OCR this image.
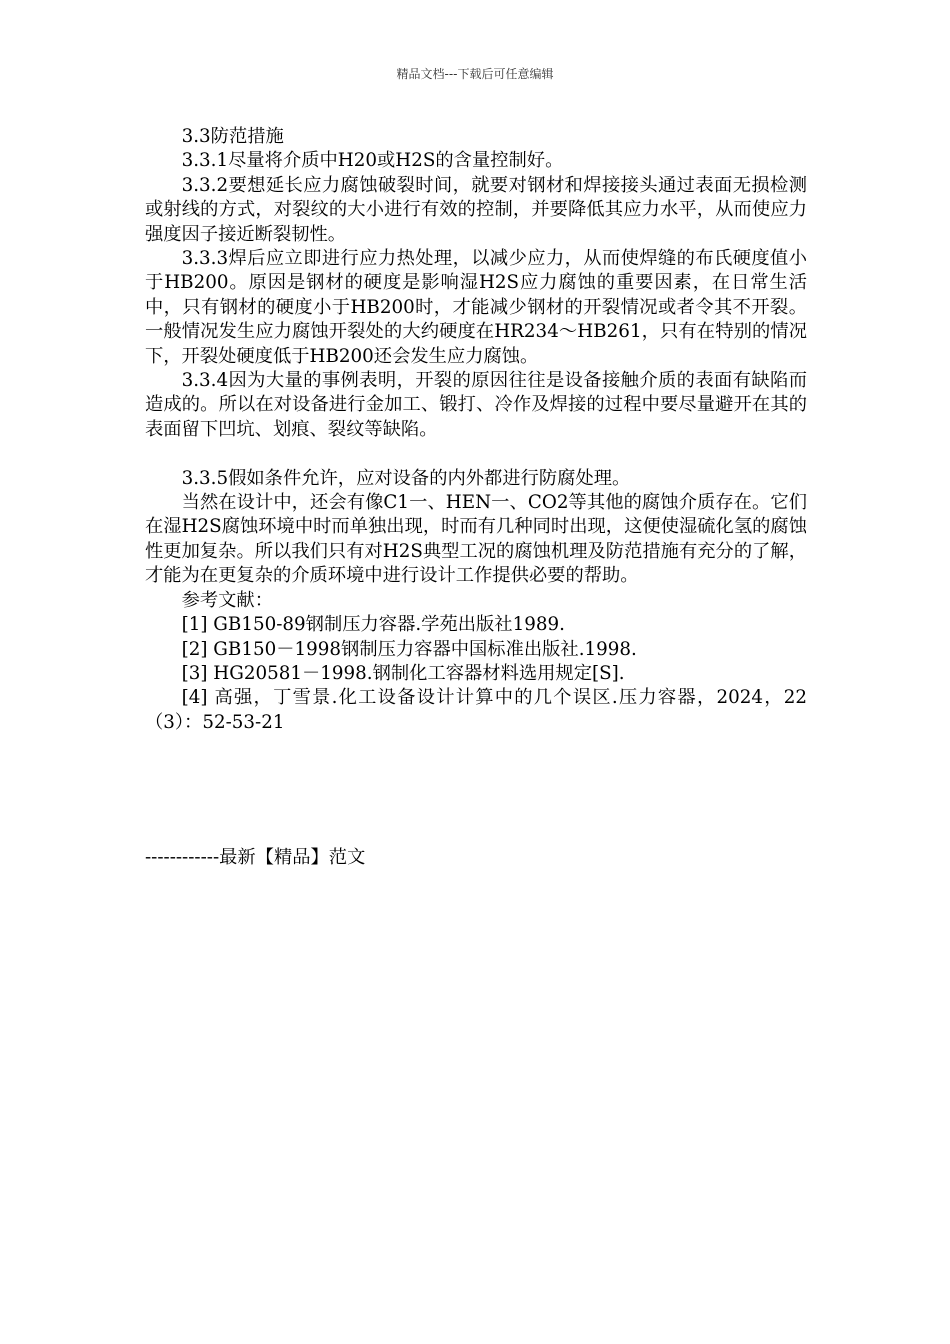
精品文档---下载后可任意编辑

3.3防范措施

3.3.1尽量将介质中H20或H2S的含量控制好。

3.3.2要想延长应力腐蚀破裂时间，就要对钢材和焊接接头通过表面无损检测或射线的方式，对裂纹的大小进行有效的控制，并要降低其应力水平，从而使应力强度因子接近断裂韧性。

3.3.3焊后应立即进行应力热处理，以减少应力，从而使焊缝的布氏硬度值小于HB200。原因是钢材的硬度是影响湿H2S应力腐蚀的重要因素，在日常生活中，只有钢材的硬度小于HB200时，才能减少钢材的开裂情况或者令其不开裂。一般情况发生应力腐蚀开裂处的大约硬度在HR234～HB261，只有在特别的情况下，开裂处硬度低于HB200还会发生应力腐蚀。

3.3.4因为大量的事例表明，开裂的原因往往是设备接触介质的表面有缺陷而造成的。所以在对设备进行金加工、锻打、冷作及焊接的过程中要尽量避开在其的表面留下凹坑、划痕、裂纹等缺陷。

3.3.5假如条件允许，应对设备的内外都进行防腐处理。

当然在设计中，还会有像C1一、HEN一、CO2等其他的腐蚀介质存在。它们在湿H2S腐蚀环境中时而单独出现，时而有几种同时出现，这便使湿硫化氢的腐蚀性更加复杂。所以我们只有对H2S典型工况的腐蚀机理及防范措施有充分的了解，才能为在更复杂的介质环境中进行设计工作提供必要的帮助。

参考文献：

[1] GB150-89钢制压力容器.学苑出版社1989.

[2] GB150－1998钢制压力容器中国标准出版社.1998.

[3] HG20581－1998.钢制化工容器材料选用规定[S].

[4] 高强，丁雪景.化工设备设计计算中的几个误区.压力容器，2024，22（3）：52-53-21

------------最新【精品】范文
